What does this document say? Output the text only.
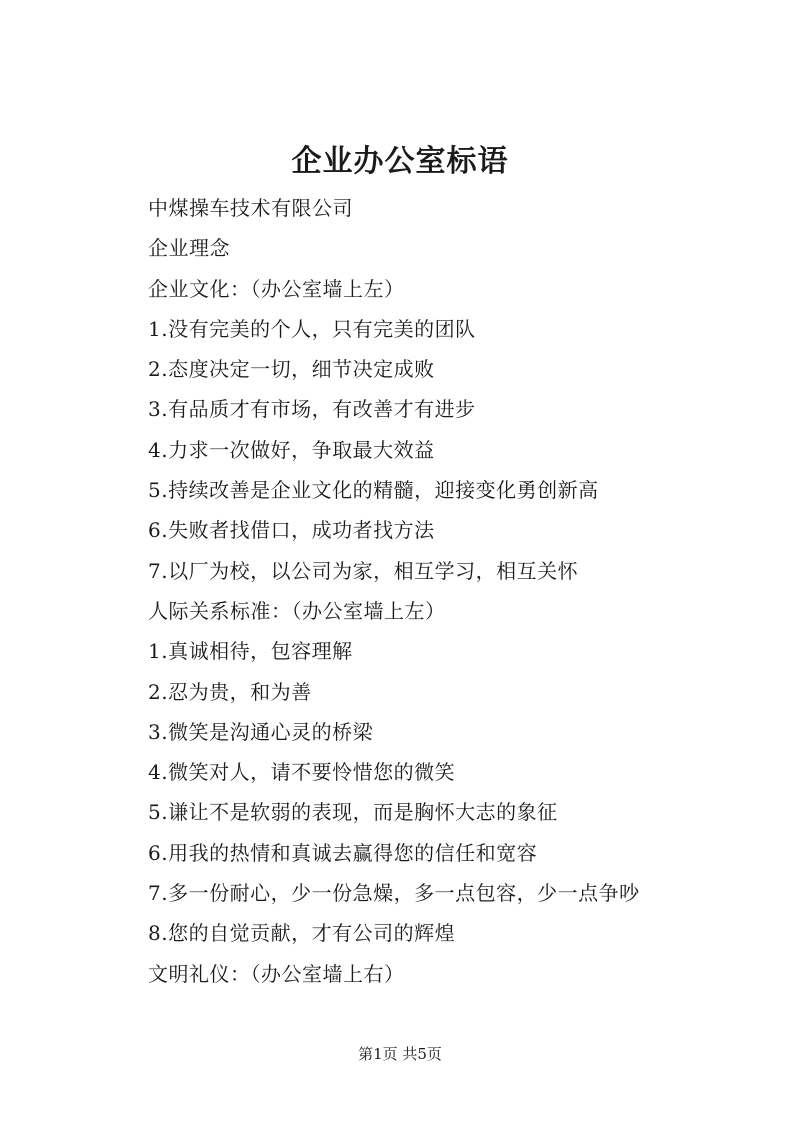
企业办公室标语
中煤操车技术有限公司
企业理念
企业文化：（办公室墙上左）
1.没有完美的个人，只有完美的团队
2.态度决定一切，细节决定成败
3.有品质才有市场，有改善才有进步
4.力求一次做好，争取最大效益
5.持续改善是企业文化的精髓，迎接变化勇创新高
6.失败者找借口，成功者找方法
7.以厂为校，以公司为家，相互学习，相互关怀
人际关系标准：（办公室墙上左）
1.真诚相待，包容理解
2.忍为贵，和为善
3.微笑是沟通心灵的桥梁
4.微笑对人，请不要怜惜您的微笑
5.谦让不是软弱的表现，而是胸怀大志的象征
6.用我的热情和真诚去赢得您的信任和宽容
7.多一份耐心，少一份急燥，多一点包容，少一点争吵
8.您的自觉贡献，才有公司的辉煌
文明礼仪：（办公室墙上右）
第1页 共5页
